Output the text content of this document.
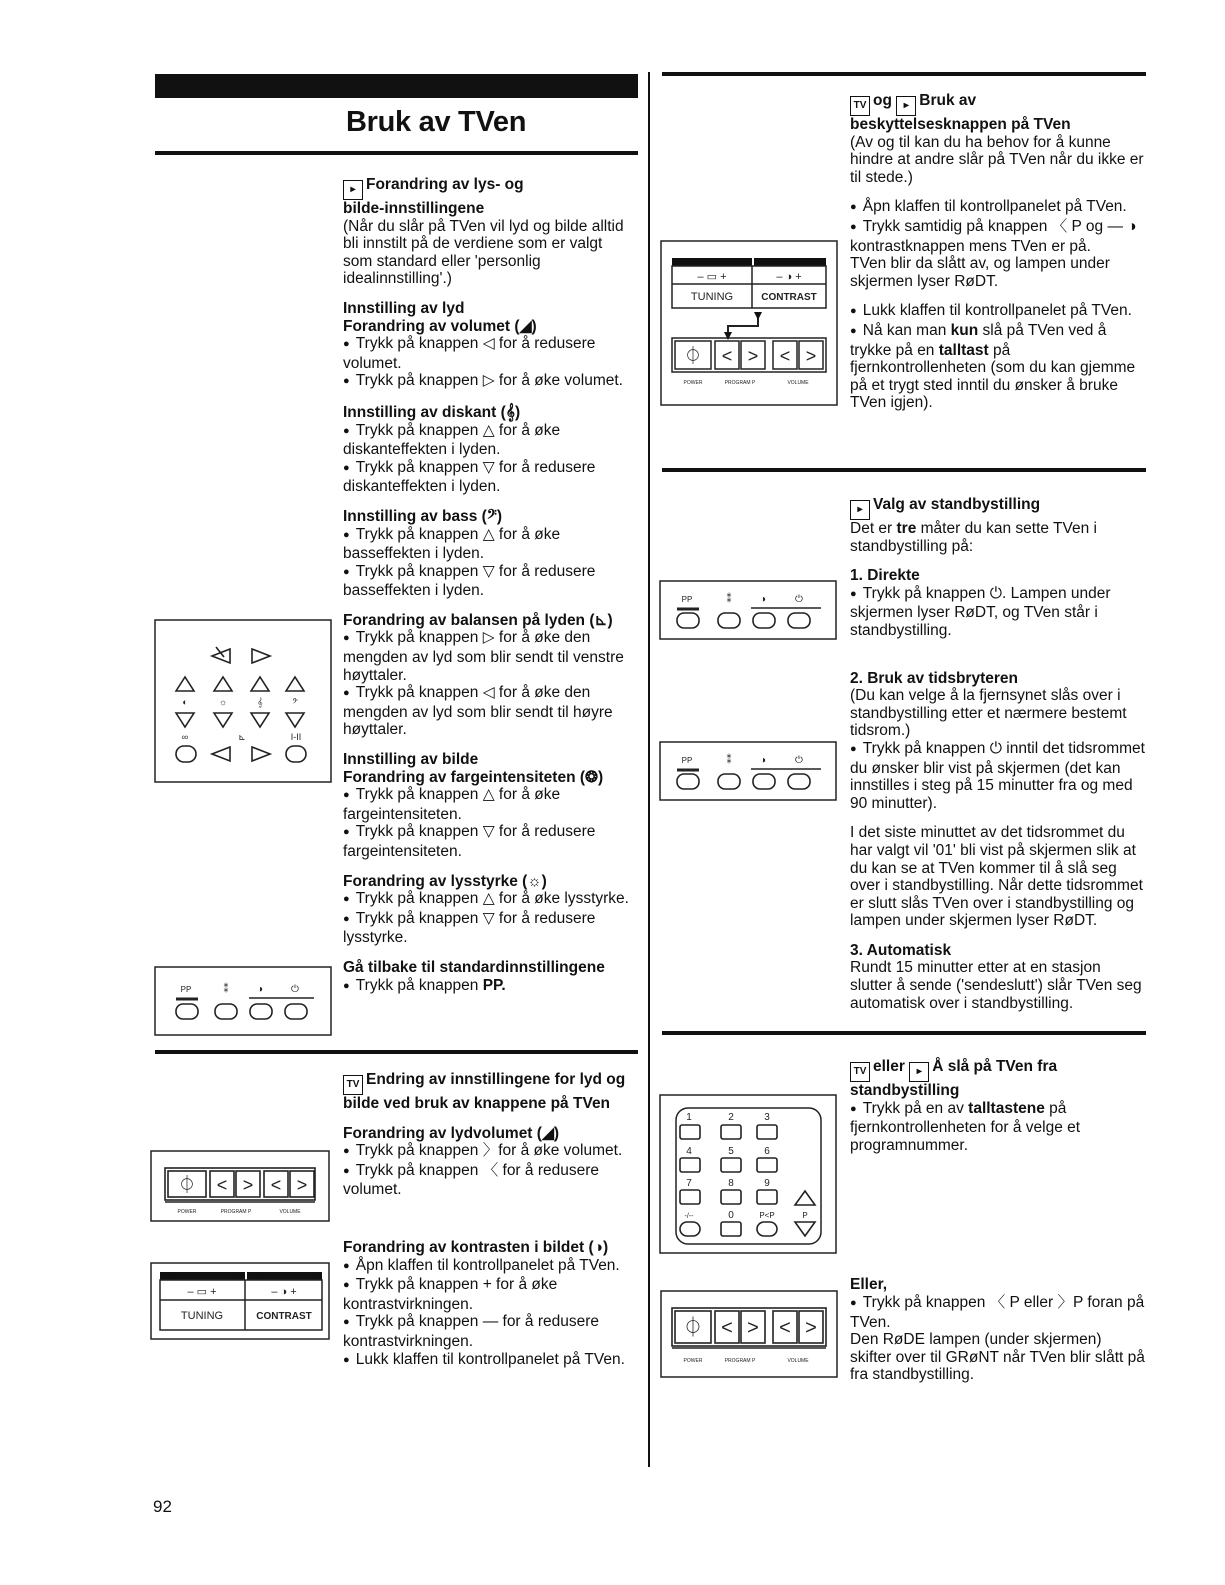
Bruk av TVen

▸ Forandring av lys- og

bilde-innstillingene

(Når du slår på TVen vil lyd og bilde alltid bli innstilt på de verdiene som er valgt som standard eller 'personlig idealinnstilling'.)

Innstilling av lyd

Forandring av volumet (◢)

●  Trykk på knappen ◁ for å redusere volumet.

●  Trykk på knappen ▷ for å øke volumet.

Innstilling av diskant (𝄞)

●  Trykk på knappen △ for å øke diskanteffekten i lyden.

●  Trykk på knappen ▽ for å redusere diskanteffekten i lyden.

Innstilling av bass (𝄢)

●  Trykk på knappen △ for å øke basseffekten i lyden.

●  Trykk på knappen ▽ for å redusere basseffekten i lyden.

Forandring av balansen på lyden (⊾)

●  Trykk på knappen ▷ for å øke den mengden av lyd som blir sendt til venstre høyttaler.

●  Trykk på knappen ◁ for å øke den mengden av lyd som blir sendt til høyre høyttaler.

Innstilling av bilde

Forandring av fargeintensiteten (❂)

●  Trykk på knappen △ for å øke fargeintensiteten.

●  Trykk på knappen ▽ for å redusere fargeintensiteten.

Forandring av lysstyrke (☼)

●  Trykk på knappen △ for å øke lysstyrke.

●  Trykk på knappen ▽ for å redusere lysstyrke.

Gå tilbake til standardinnstillingene

●  Trykk på knappen PP.

TV Endring av innstillingene for lyd og bilde ved bruk av knappene på TVen

Forandring av lydvolumet (◢)

●  Trykk på knappen 〉for å øke volumet.

●  Trykk på knappen 〈 for å redusere volumet.

Forandring av kontrasten i bildet (◑)

●  Åpn klaffen til kontrollpanelet på TVen.

●  Trykk på knappen + for å øke kontrastvirkningen.

●  Trykk på knappen — for å redusere kontrastvirkningen.

●  Lukk klaffen til kontrollpanelet på TVen.

TV og ▸ Bruk av

beskyttelsesknappen på TVen

(Av og til kan du ha behov for å kunne hindre at andre slår på TVen når du ikke er til stede.)

●  Åpn klaffen til kontrollpanelet på TVen.

●  Trykk samtidig på knappen 〈 P og — ◑ kontrastknappen mens TVen er på.

TVen blir da slått av, og lampen under skjermen lyser RøDT.

●  Lukk klaffen til kontrollpanelet på TVen.

●  Nå kan man kun slå på TVen ved å trykke på en talltast på fjernkontrollenheten (som du kan gjemme på et trygt sted inntil du ønsker å bruke TVen igjen).

▸ Valg av standbystilling

Det er tre måter du kan sette TVen i standbystilling på:

1. Direkte

●  Trykk på knappen ⏻. Lampen under skjermen lyser RøDT, og TVen står i standbystilling.

2. Bruk av tidsbryteren

(Du kan velge å la fjernsynet slås over i standbystilling etter et nærmere bestemt tidsrom.)

●  Trykk på knappen ⏻ inntil det tidsrommet du ønsker blir vist på skjermen (det kan innstilles i steg på 15 minutter fra og med 90 minutter).

I det siste minuttet av det tidsrommet du har valgt vil '01' bli vist på skjermen slik at du kan se at TVen kommer til å slå seg over i standbystilling. Når dette tidsrommet er slutt slås TVen over i standbystilling og lampen under skjermen lyser RøDT.

3. Automatisk

Rundt 15 minutter etter at en stasjon slutter å sende ('sendeslutt') slår TVen seg automatisk over i standbystilling.

TV eller ▸ Å slå på TVen fra

standbystilling

●  Trykk på en av talltastene på fjernkontrollenheten for å velge et programnummer.

Eller,

●  Trykk på knappen 〈 P eller 〉P foran på TVen.

Den RøDE lampen (under skjermen) skifter over til GRøNT når TVen blir slått på fra standbystilling.

◐	☼	𝄞	𝄢
∞	⊾	I-II
PP	⁑	◑	⏻
⏀ < > < >
POWER	PROGRAM P	VOLUME
– ▭ +	– ◑ +
TUNING	CONTRAST
– ▭ +	– ◑ +
TUNING	CONTRAST
⏀ < > < >
POWER	PROGRAM P	VOLUME
PP	⁑	◑	⏻
PP	⁑	◑	⏻
1	2	3
4	5	6
7	8	9
-/--	0	P<P	P
⏀ < > < >
POWER	PROGRAM P	VOLUME
92
